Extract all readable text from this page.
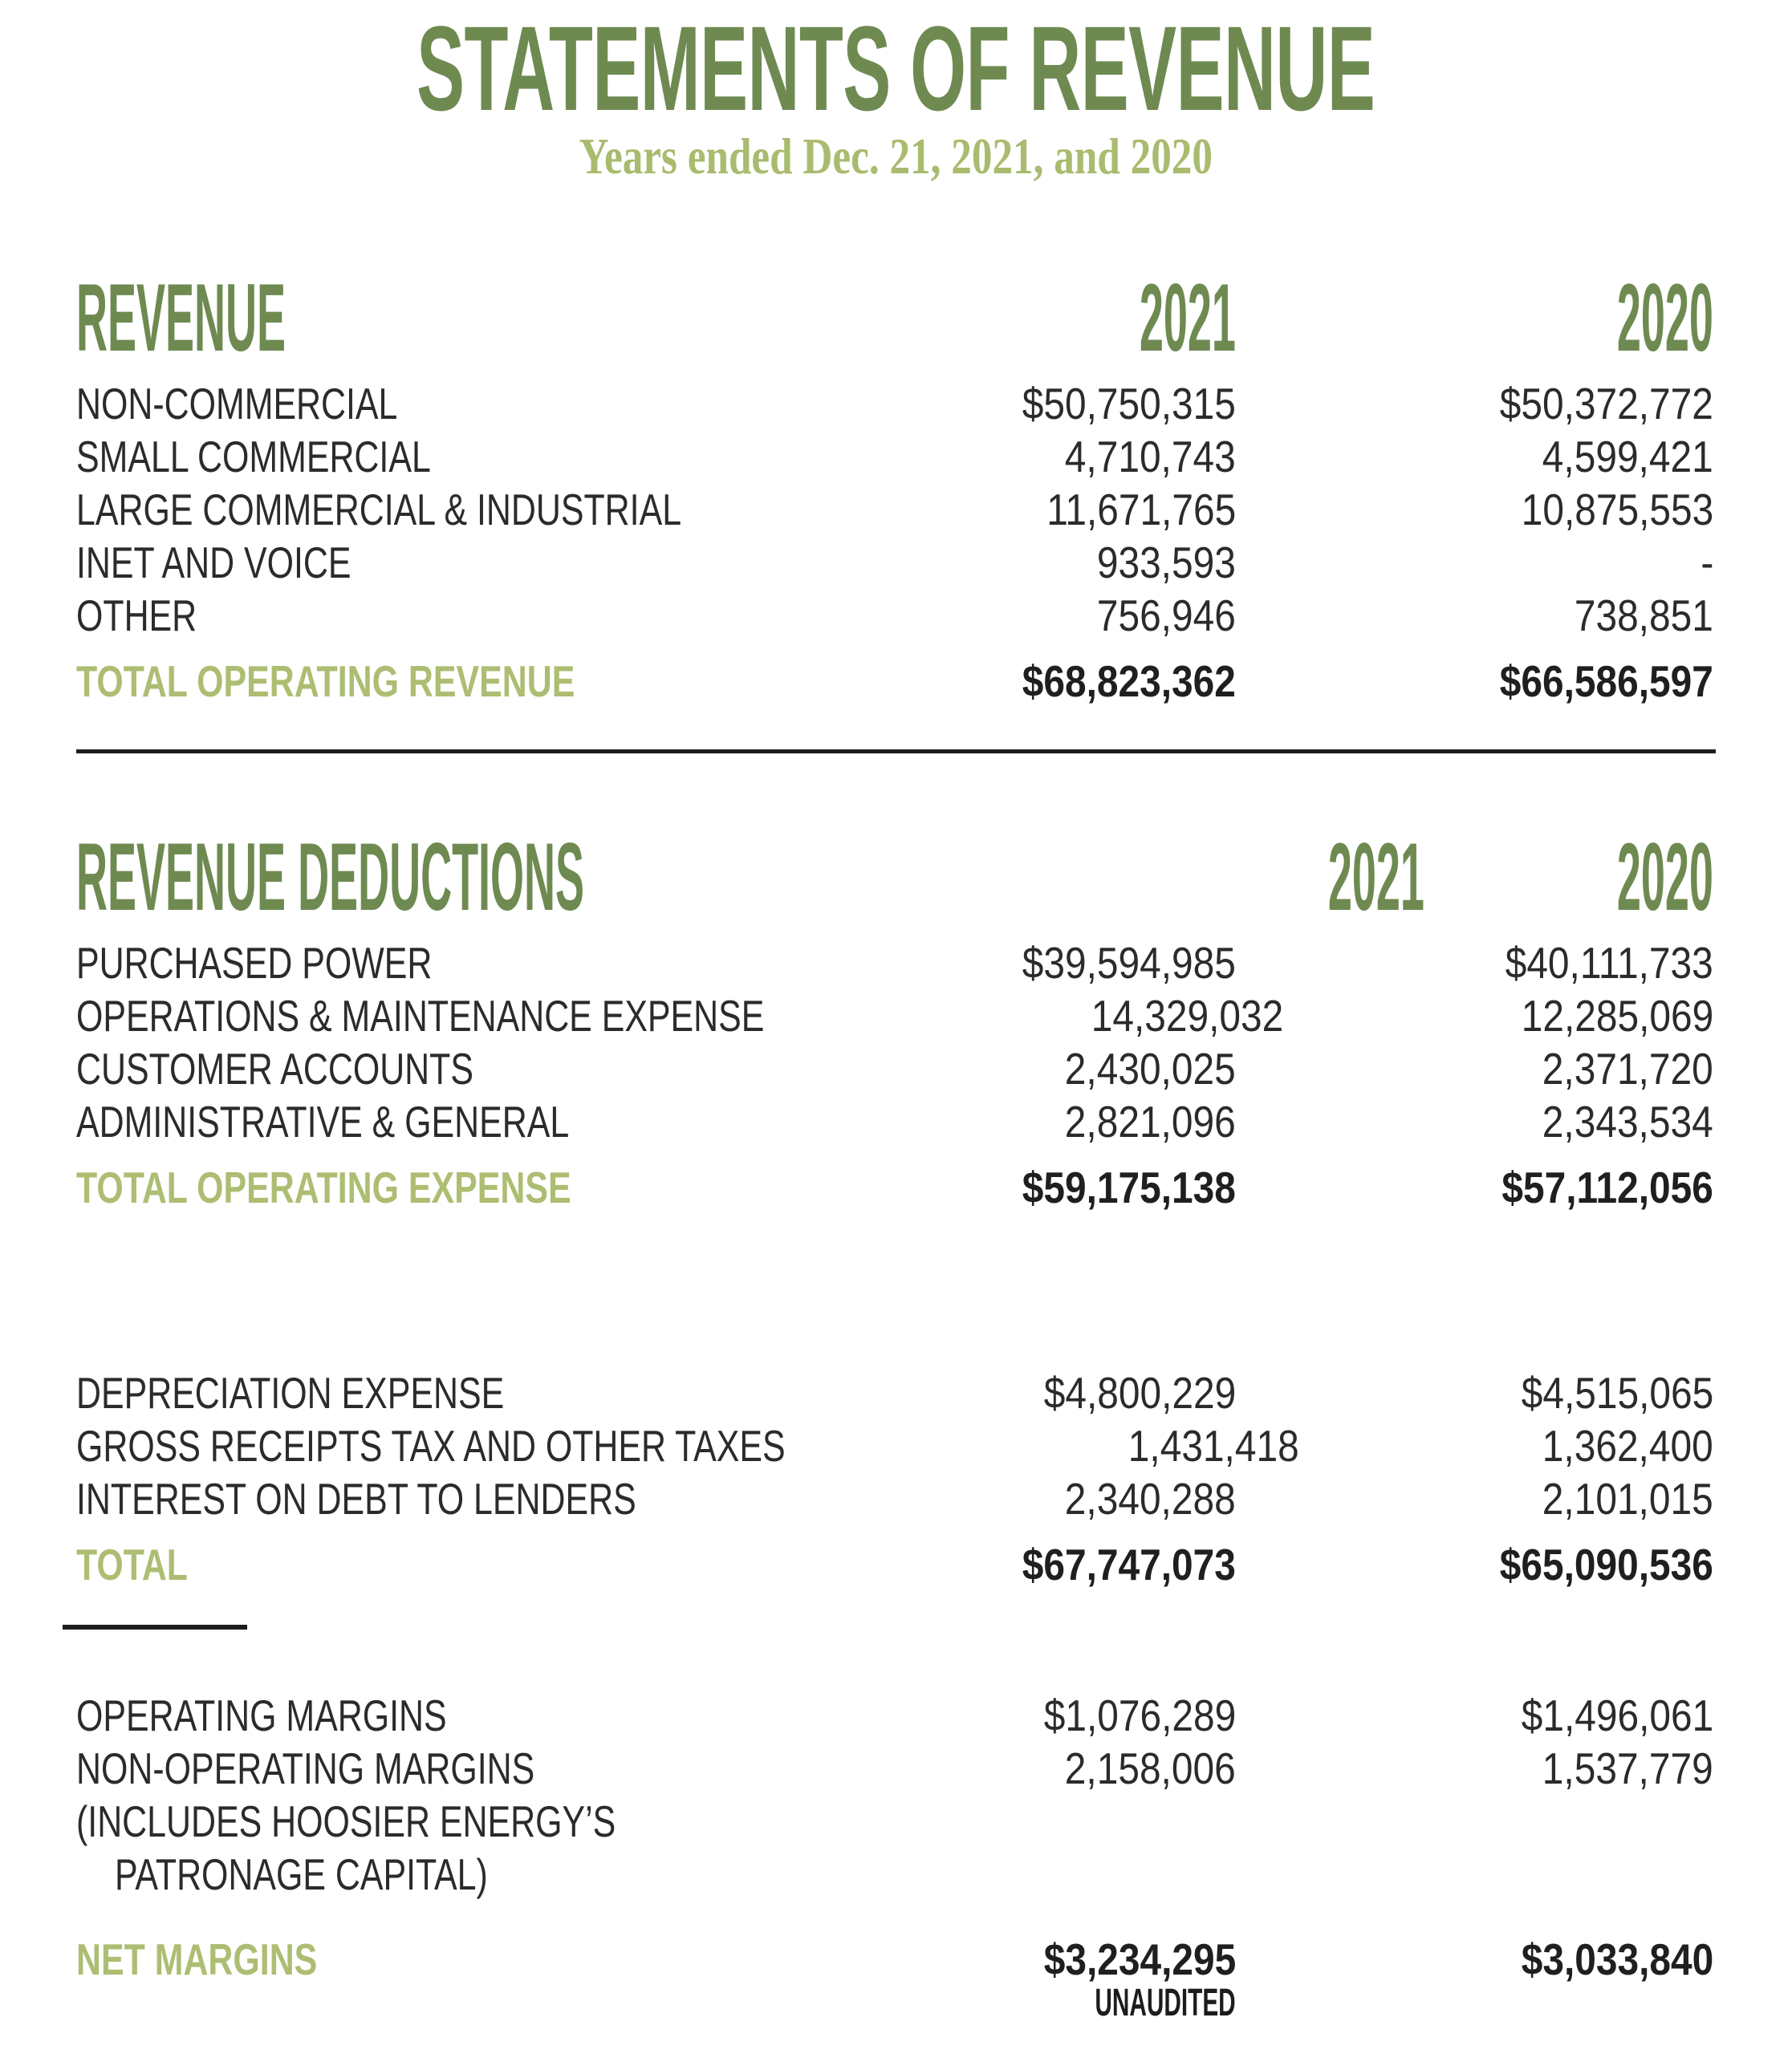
STATEMENTS OF REVENUE
Years ended Dec. 21, 2021, and 2020
REVENUE	2021	2020
NON-COMMERCIAL	$50,750,315	$50,372,772
SMALL COMMERCIAL	4,710,743	4,599,421
LARGE COMMERCIAL & INDUSTRIAL	11,671,765	10,875,553
INET AND VOICE	933,593	-
OTHER	756,946	738,851
TOTAL OPERATING REVENUE	$68,823,362	$66,586,597
REVENUE DEDUCTIONS	2021	2020
PURCHASED POWER	$39,594,985	$40,111,733
OPERATIONS & MAINTENANCE EXPENSE	14,329,032	12,285,069
CUSTOMER ACCOUNTS	2,430,025	2,371,720
ADMINISTRATIVE & GENERAL	2,821,096	2,343,534
TOTAL OPERATING EXPENSE	$59,175,138	$57,112,056
DEPRECIATION EXPENSE	$4,800,229	$4,515,065
GROSS RECEIPTS TAX AND OTHER TAXES	1,431,418	1,362,400
INTEREST ON DEBT TO LENDERS	2,340,288	2,101,015
TOTAL	$67,747,073	$65,090,536
OPERATING MARGINS	$1,076,289	$1,496,061
NON-OPERATING MARGINS	2,158,006	1,537,779
(INCLUDES HOOSIER ENERGY’S
PATRONAGE CAPITAL)
NET MARGINS	$3,234,295	$3,033,840
UNAUDITED
